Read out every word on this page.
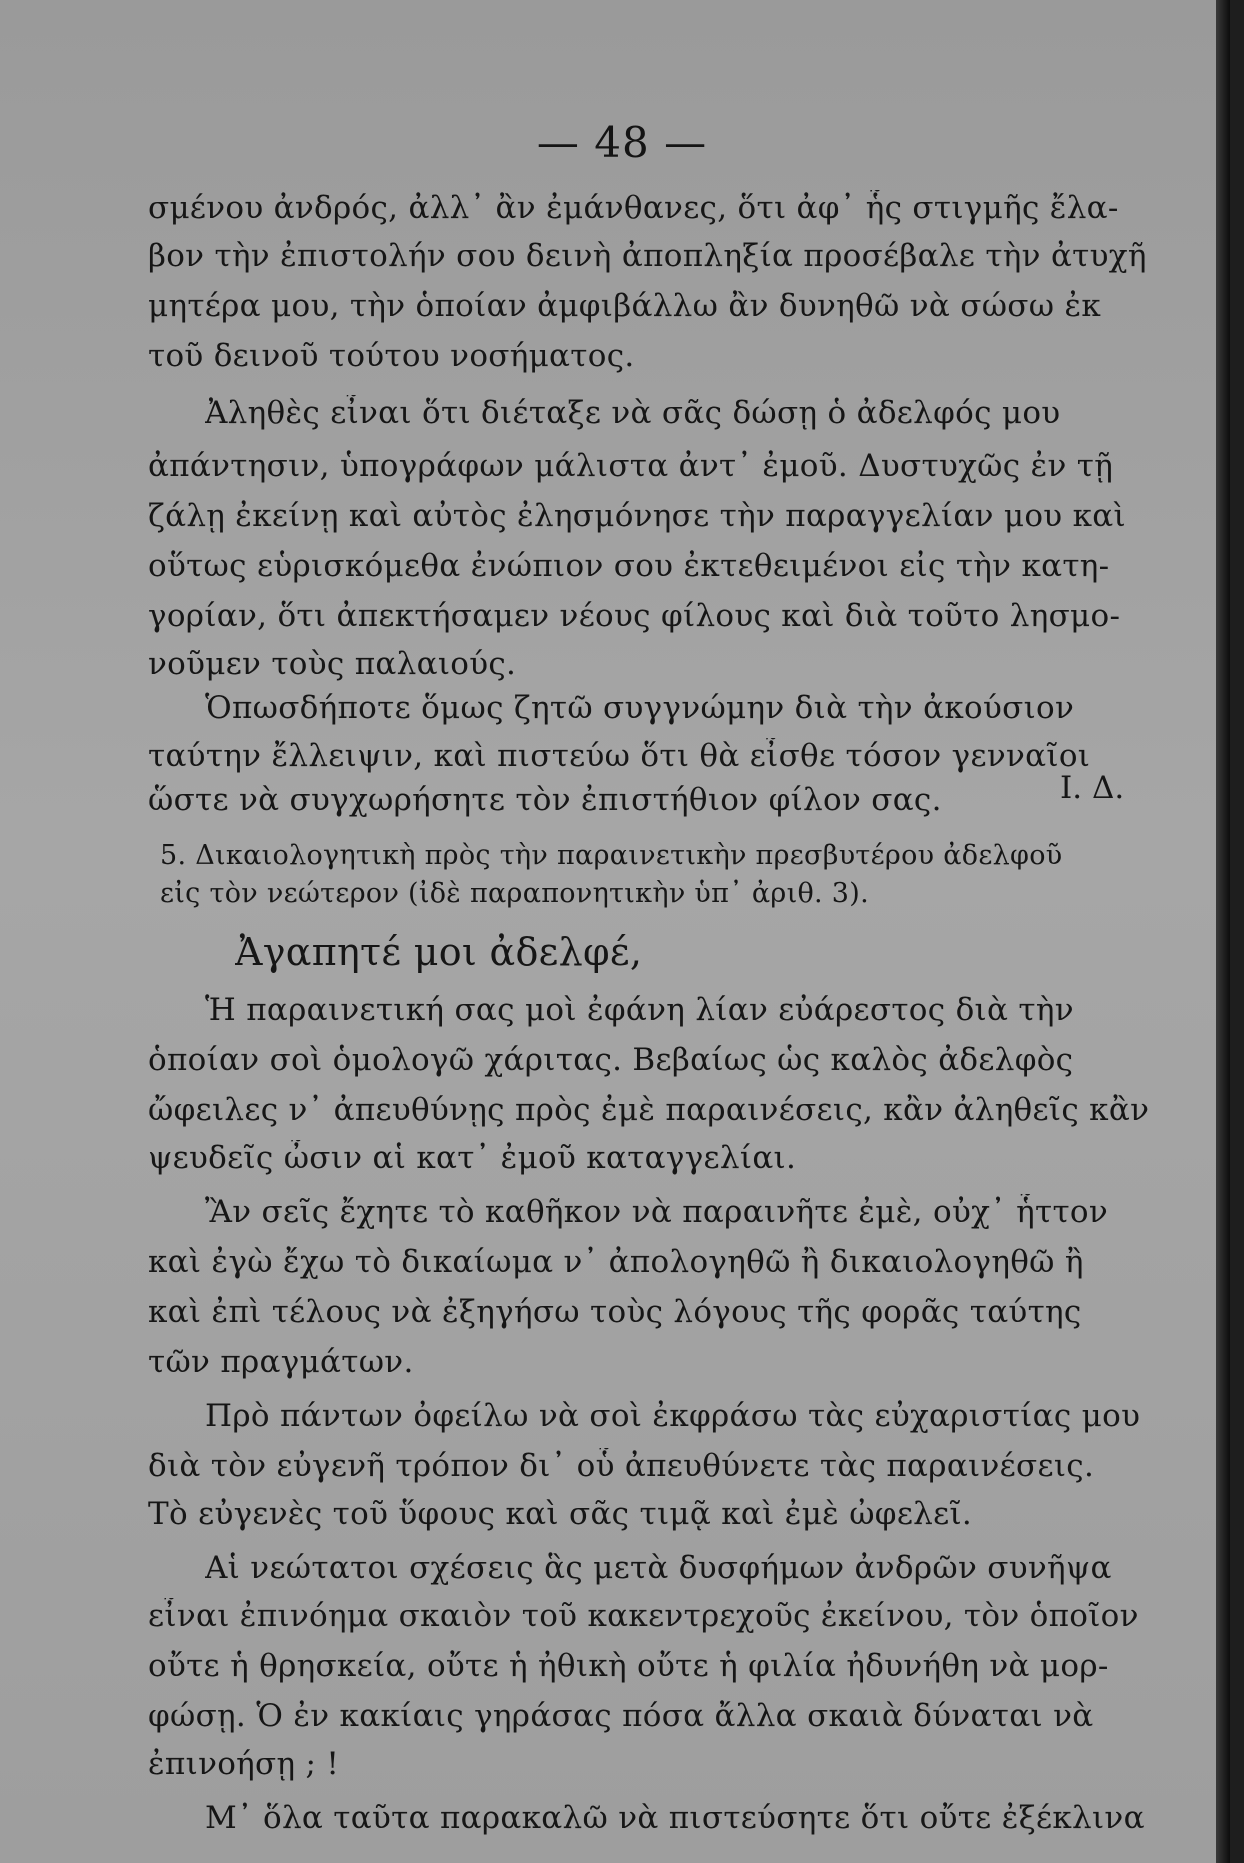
— 48 —
σμένου ἀνδρός, ἀλλ᾽ ἂν ἐμάνθανες, ὅτι ἀφ᾽ ἧς στιγμῆς ἔλα-
βον τὴν ἐπιστολήν σου δεινὴ ἀποπληξία προσέβαλε τὴν ἀτυχῆ
μητέρα μου, τὴν ὁποίαν ἀμφιβάλλω ἂν δυνηθῶ νὰ σώσω ἐκ
τοῦ δεινοῦ τούτου νοσήματος.
Ἀληθὲς εἶναι ὅτι διέταξε νὰ σᾶς δώσῃ ὁ ἀδελφός μου
ἀπάντησιν, ὑπογράφων μάλιστα ἀντ᾽ ἐμοῦ. Δυστυχῶς ἐν τῇ
ζάλῃ ἐκείνῃ καὶ αὐτὸς ἐλησμόνησε τὴν παραγγελίαν μου καὶ
οὕτως εὑρισκόμεθα ἐνώπιον σου ἐκτεθειμένοι εἰς τὴν κατη-
γορίαν, ὅτι ἀπεκτήσαμεν νέους φίλους καὶ διὰ τοῦτο λησμο-
νοῦμεν τοὺς παλαιούς.
Ὁπωσδήποτε ὅμως ζητῶ συγγνώμην διὰ τὴν ἀκούσιον
ταύτην ἔλλειψιν, καὶ πιστεύω ὅτι θὰ εἶσθε τόσον γενναῖοι
ὥστε νὰ συγχωρήσητε τὸν ἐπιστήθιον φίλον σας.	Ι. Δ.
5. Δικαιολογητικὴ πρὸς τὴν παραινετικὴν πρεσβυτέρου ἀδελφοῦ
εἰς τὸν νεώτερον (ἰδὲ παραπονητικὴν ὑπ᾽ ἀριθ. 3).
Ἀγαπητέ μοι ἀδελφέ,
Ἡ παραινετική σας μοὶ ἐφάνη λίαν εὐάρεστος διὰ τὴν
ὁποίαν σοὶ ὁμολογῶ χάριτας. Βεβαίως ὡς καλὸς ἀδελφὸς
ὤφειλες ν᾽ ἀπευθύνῃς πρὸς ἐμὲ παραινέσεις, κἂν ἀληθεῖς κἂν
ψευδεῖς ὦσιν αἱ κατ᾽ ἐμοῦ καταγγελίαι.
Ἂν σεῖς ἔχητε τὸ καθῆκον νὰ παραινῆτε ἐμὲ, οὐχ᾽ ἧττον
καὶ ἐγὼ ἔχω τὸ δικαίωμα ν᾽ ἀπολογηθῶ ἢ δικαιολογηθῶ ἢ
καὶ ἐπὶ τέλους νὰ ἐξηγήσω τοὺς λόγους τῆς φορᾶς ταύτης
τῶν πραγμάτων.
Πρὸ πάντων ὀφείλω νὰ σοὶ ἐκφράσω τὰς εὐχαριστίας μου
διὰ τὸν εὐγενῆ τρόπον δι᾽ οὗ ἀπευθύνετε τὰς παραινέσεις.
Τὸ εὐγενὲς τοῦ ὕφους καὶ σᾶς τιμᾷ καὶ ἐμὲ ὠφελεῖ.
Αἱ νεώτατοι σχέσεις ἃς μετὰ δυσφήμων ἀνδρῶν συνῆψα
εἶναι ἐπινόημα σκαιὸν τοῦ κακεντρεχοῦς ἐκείνου, τὸν ὁποῖον
οὔτε ἡ θρησκεία, οὔτε ἡ ἠθικὴ οὔτε ἡ φιλία ἠδυνήθη νὰ μορ-
φώσῃ. Ὁ ἐν κακίαις γηράσας πόσα ἄλλα σκαιὰ δύναται νὰ
ἐπινοήσῃ ; !
Μ᾽ ὅλα ταῦτα παρακαλῶ νὰ πιστεύσητε ὅτι οὔτε ἐξέκλινα
